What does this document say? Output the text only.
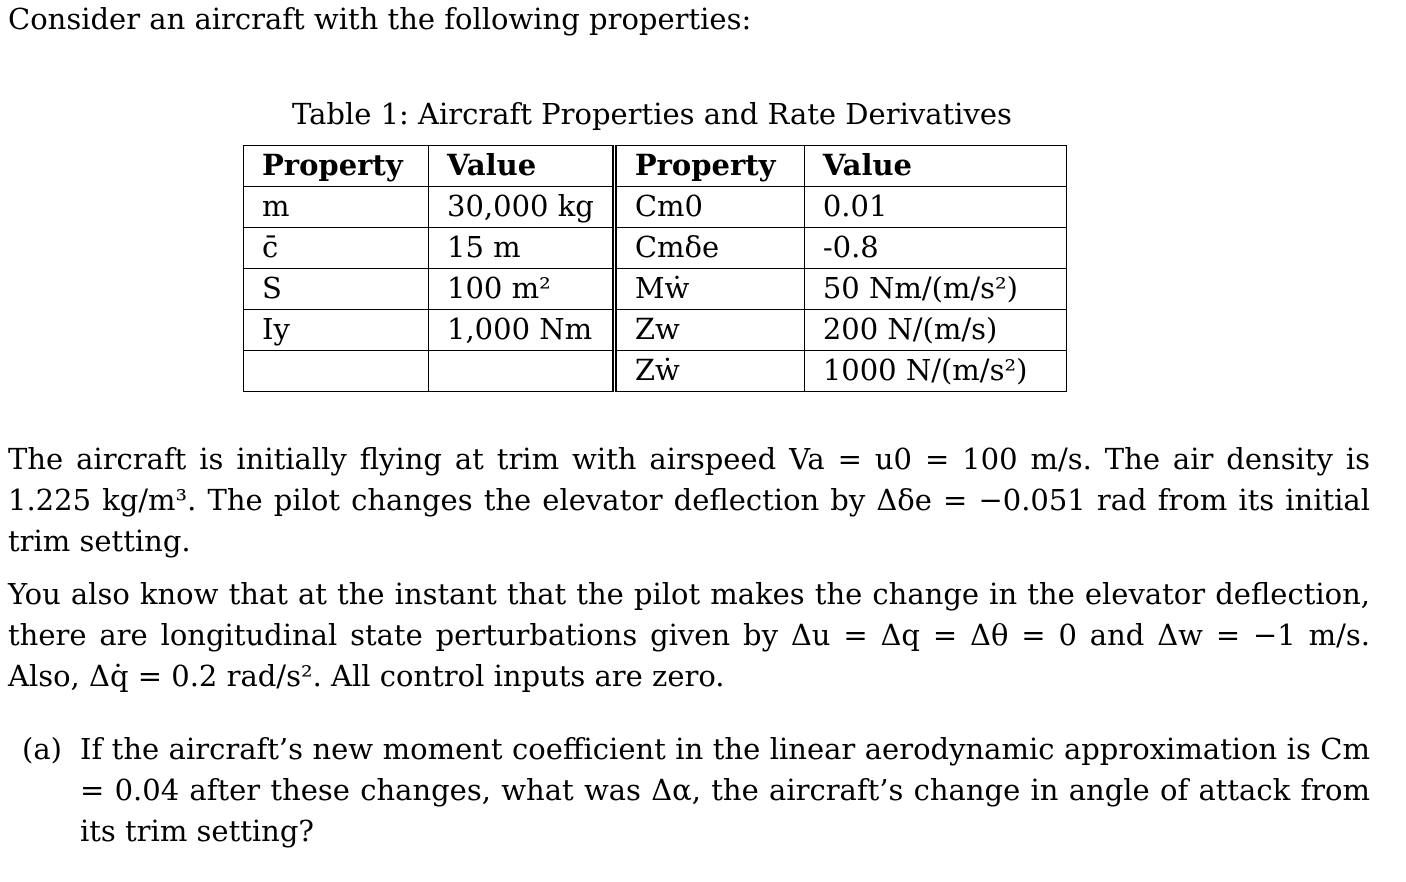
Consider an aircraft with the following properties:
Table 1: Aircraft Properties and Rate Derivatives
Property	Value	Property	Value
m	30,000 kg	Cm0	0.01
c̄	15 m	Cmδe	-0.8
S	100 m²	Mẇ	50 Nm/(m/s²)
Iy	1,000 Nm	Zw	200 N/(m/s)
		Zẇ	1000 N/(m/s²)
The aircraft is initially flying at trim with airspeed Va = u0 = 100 m/s. The air density is 1.225 kg/m³. The pilot changes the elevator deflection by Δδe = −0.051 rad from its initial trim setting.
You also know that at the instant that the pilot makes the change in the elevator deflection, there are longitudinal state perturbations given by Δu = Δq = Δθ = 0 and Δw = −1 m/s. Also, Δq̇ = 0.2 rad/s². All control inputs are zero.
(a) If the aircraft’s new moment coefficient in the linear aerodynamic approximation is Cm = 0.04 after these changes, what was Δα, the aircraft’s change in angle of attack from its trim setting?
